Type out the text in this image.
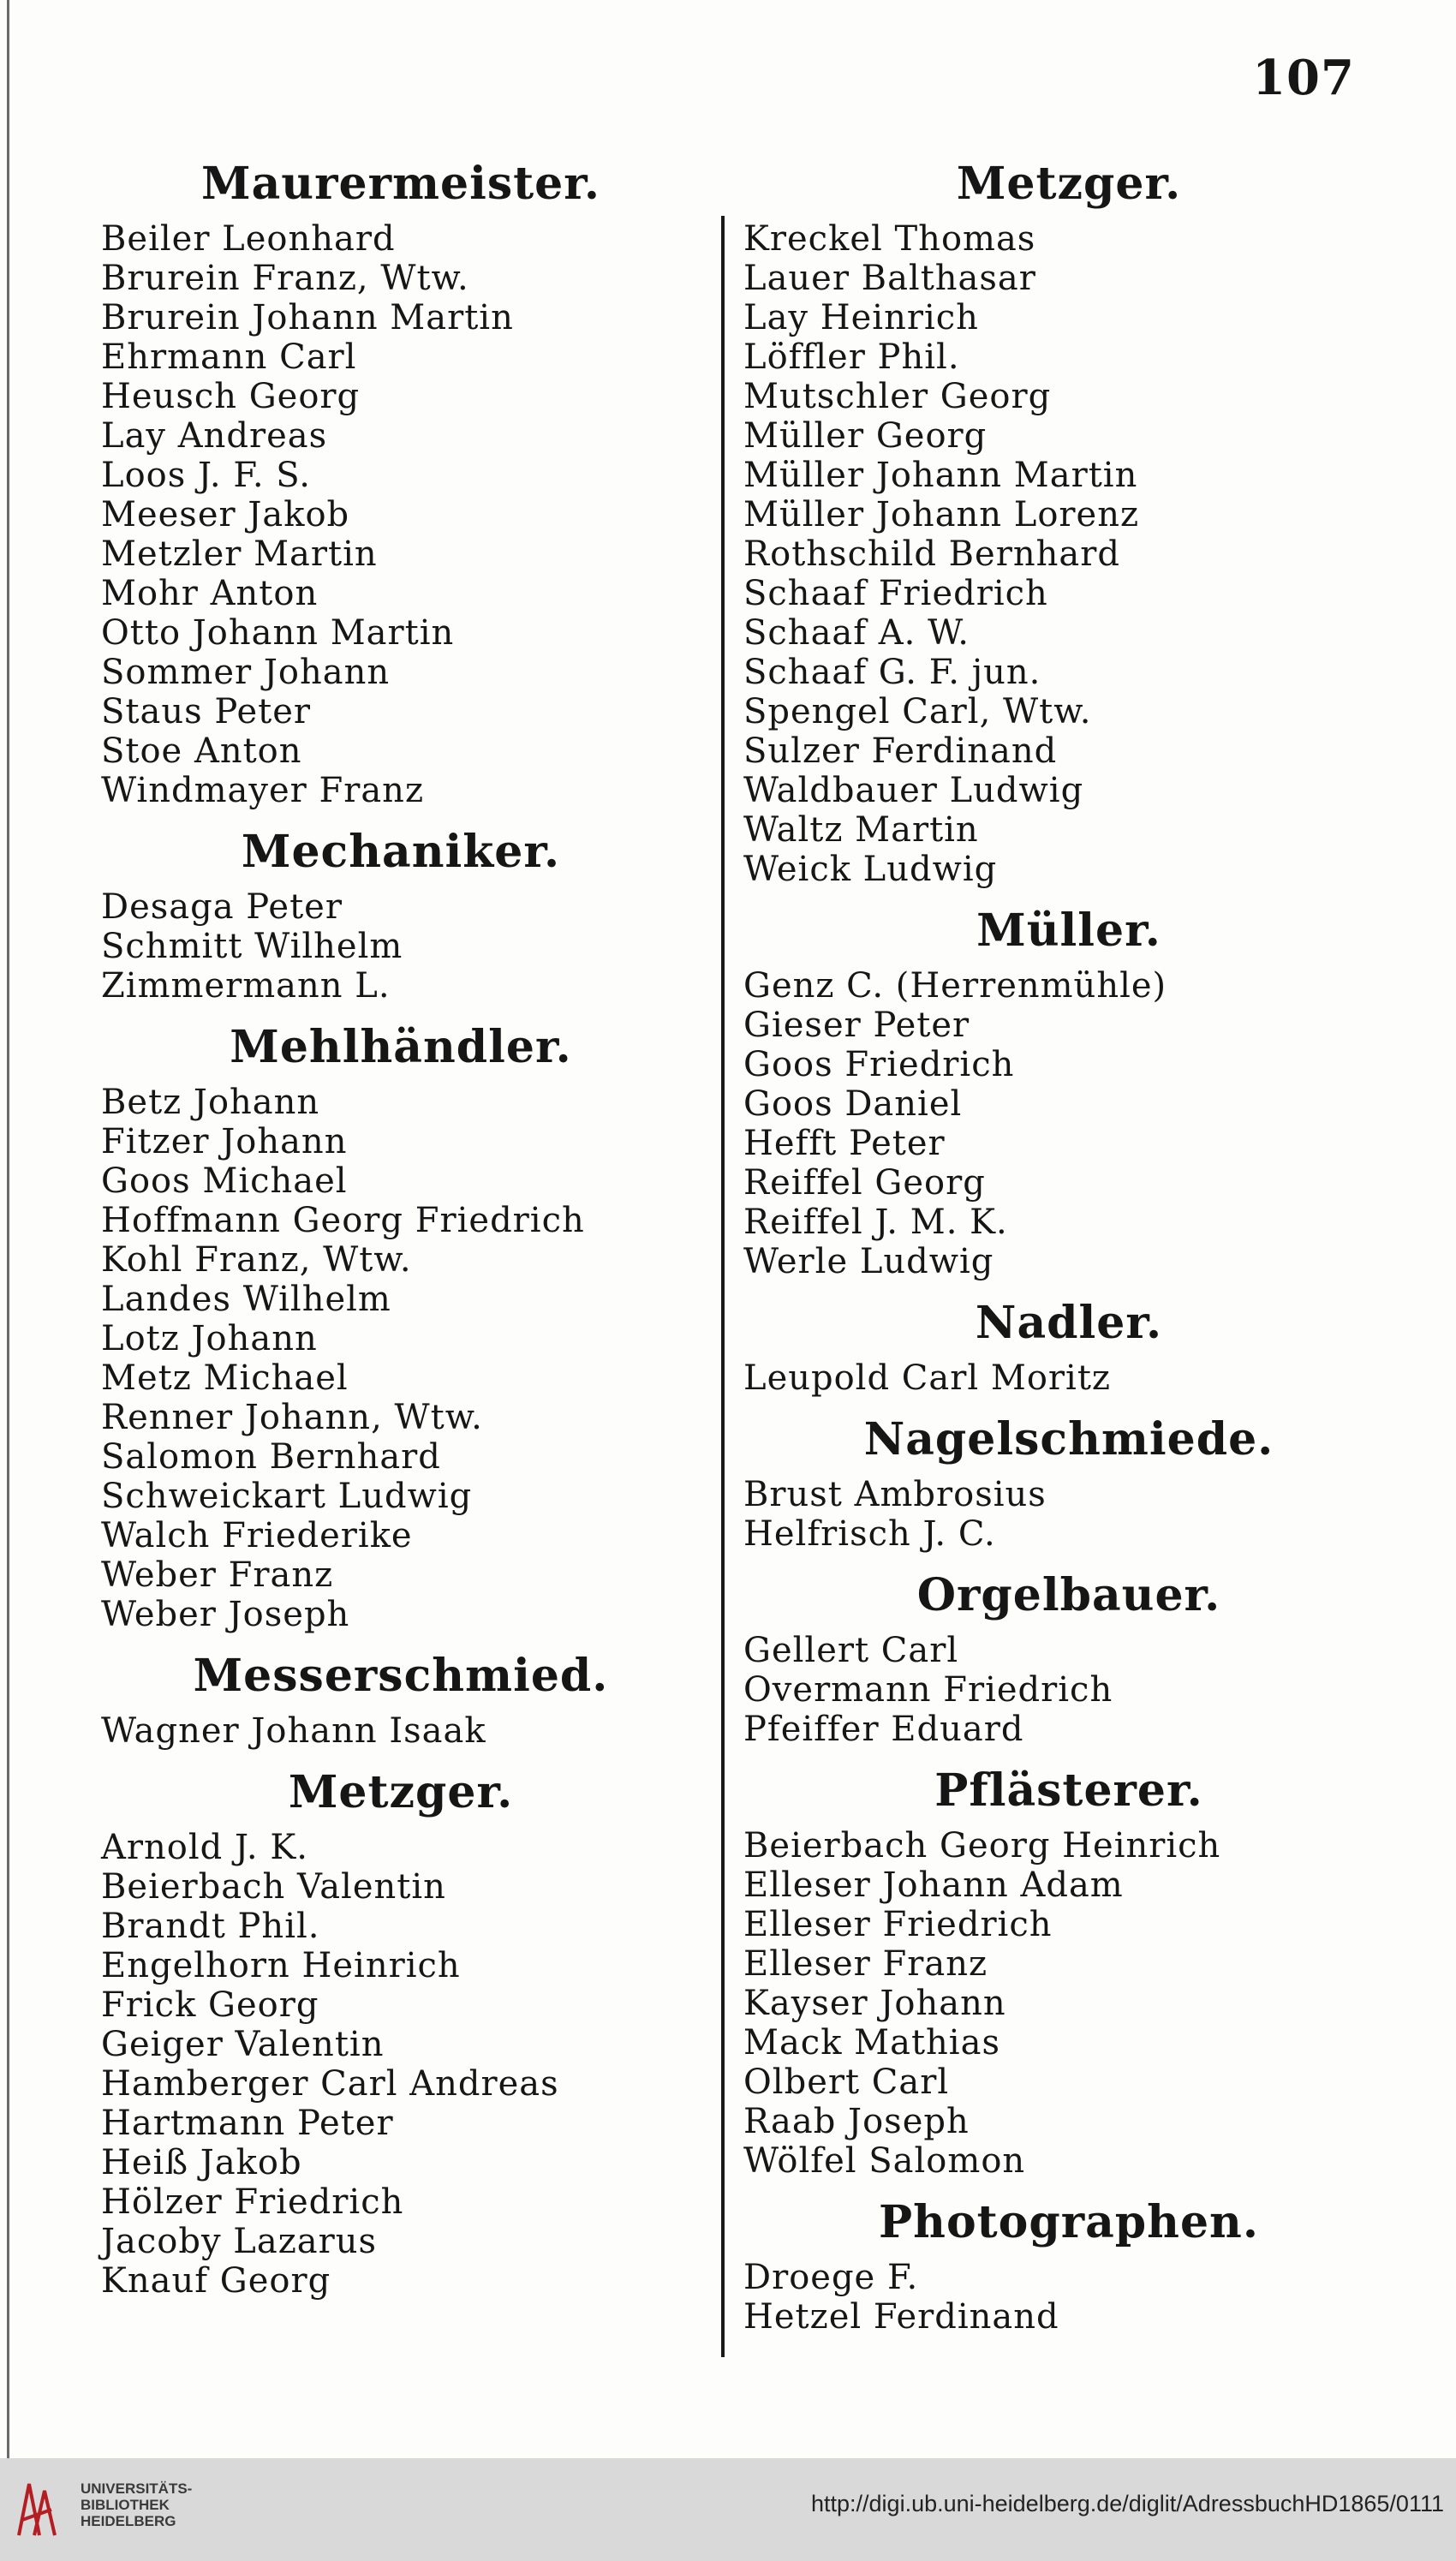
107
Maurermeister.
Beiler Leonhard
Brurein Franz, Wtw.
Brurein Johann Martin
Ehrmann Carl
Heusch Georg
Lay Andreas
Loos J. F. S.
Meeser Jakob
Metzler Martin
Mohr Anton
Otto Johann Martin
Sommer Johann
Staus Peter
Stoe Anton
Windmayer Franz
Mechaniker.
Desaga Peter
Schmitt Wilhelm
Zimmermann L.
Mehlhändler.
Betz Johann
Fitzer Johann
Goos Michael
Hoffmann Georg Friedrich
Kohl Franz, Wtw.
Landes Wilhelm
Lotz Johann
Metz Michael
Renner Johann, Wtw.
Salomon Bernhard
Schweickart Ludwig
Walch Friederike
Weber Franz
Weber Joseph
Messerschmied.
Wagner Johann Isaak
Metzger.
Arnold J. K.
Beierbach Valentin
Brandt Phil.
Engelhorn Heinrich
Frick Georg
Geiger Valentin
Hamberger Carl Andreas
Hartmann Peter
Heiß Jakob
Hölzer Friedrich
Jacoby Lazarus
Knauf Georg
Metzger.
Kreckel Thomas
Lauer Balthasar
Lay Heinrich
Löffler Phil.
Mutschler Georg
Müller Georg
Müller Johann Martin
Müller Johann Lorenz
Rothschild Bernhard
Schaaf Friedrich
Schaaf A. W.
Schaaf G. F. jun.
Spengel Carl, Wtw.
Sulzer Ferdinand
Waldbauer Ludwig
Waltz Martin
Weick Ludwig
Müller.
Genz C. (Herrenmühle)
Gieser Peter
Goos Friedrich
Goos Daniel
Hefft Peter
Reiffel Georg
Reiffel J. M. K.
Werle Ludwig
Nadler.
Leupold Carl Moritz
Nagelschmiede.
Brust Ambrosius
Helfrisch J. C.
Orgelbauer.
Gellert Carl
Overmann Friedrich
Pfeiffer Eduard
Pflästerer.
Beierbach Georg Heinrich
Elleser Johann Adam
Elleser Friedrich
Elleser Franz
Kayser Johann
Mack Mathias
Olbert Carl
Raab Joseph
Wölfel Salomon
Photographen.
Droege F.
Hetzel Ferdinand
UNIVERSITÄTS-
BIBLIOTHEK
HEIDELBERG
http://digi.ub.uni-heidelberg.de/diglit/AdressbuchHD1865/0111
